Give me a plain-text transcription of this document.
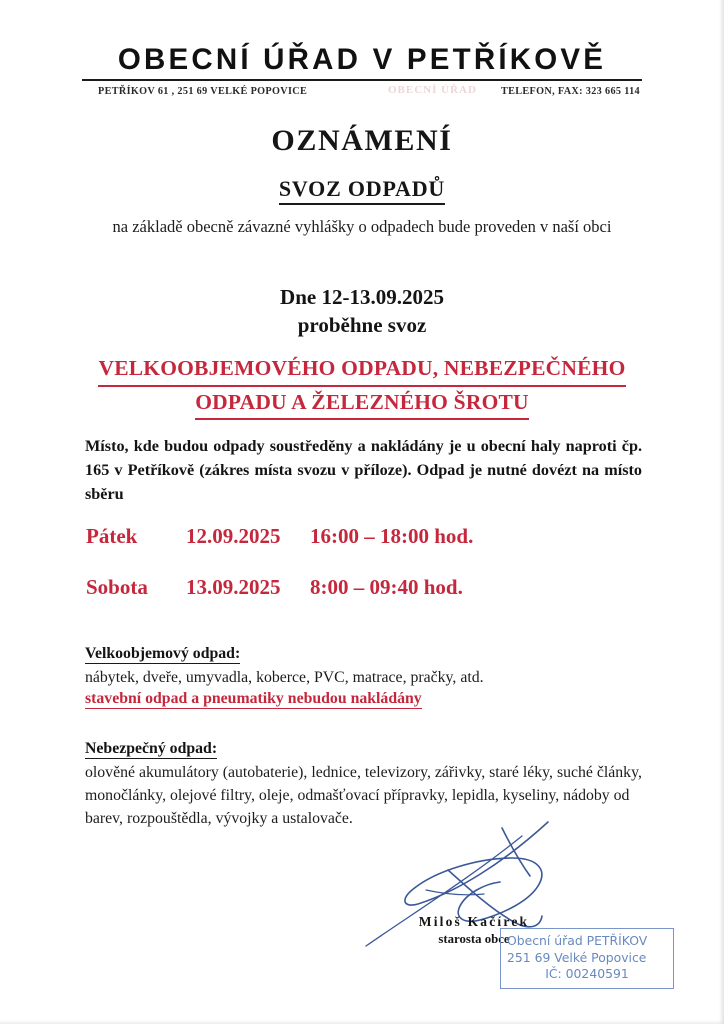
OBECNÍ ÚŘAD V PETŘÍKOVĚ
PETŘÍKOV 61 , 251 69 VELKÉ POPOVICE	TELEFON, FAX: 323 665 114
OBECNÍ ÚŘAD
OZNÁMENÍ
SVOZ ODPADŮ
na základě obecně závazné vyhlášky o odpadech bude proveden v naší obci
Dne 12-13.09.2025
proběhne svoz
VELKOOBJEMOVÉHO ODPADU, NEBEZPEČNÉHO
ODPADU A ŽELEZNÉHO ŠROTU
Místo, kde budou odpady soustředěny a nakládány je u obecní haly naproti čp. 165 v Petříkově (zákres místa svozu v příloze). Odpad je nutné dovézt na místo sběru
Pátek	12.09.2025	16:00 – 18:00 hod.
Sobota	13.09.2025	8:00 – 09:40 hod.
Velkoobjemový odpad:
nábytek, dveře, umyvadla, koberce, PVC, matrace, pračky, atd.
stavební odpad a pneumatiky nebudou nakládány
Nebezpečný odpad:
olověné akumulátory (autobaterie), lednice, televizory, zářivky, staré léky, suché články, monočlánky, olejové filtry, oleje, odmašťovací přípravky, lepidla, kyseliny, nádoby od barev, rozpouštědla, vývojky a ustalovače.
Miloš Kačírek
starosta obce
Obecní úřad PETŘÍKOV
251 69 Velké Popovice
IČ: 00240591
